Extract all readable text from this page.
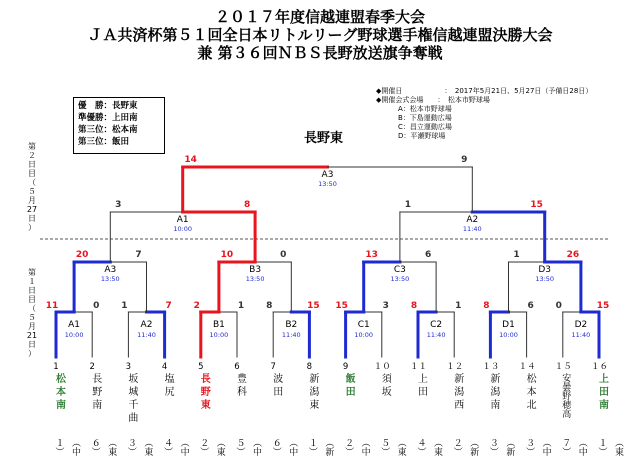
２０１７年度信越連盟春季大会
ＪＡ共済杯第５１回全日本リトルリーグ野球選手権信越連盟決勝大会
兼 第３６回ＮＢＳ長野放送旗争奪戦
優　勝：長野東
準優勝：上田南
第三位：松本南
第三位：飯田
◆開催日　　　　　　	：　2017年5月21日、5月27日（予備日28日）
◆開催会式会場　　 ：　松本市野球場
A：松本市野球場
B：下島運動広場
C：昌立運動広場
D：平瀬野球場
第
２
日
目
（
５
月
27
日
）
第
１
日
目
（
５
月
21
日
）
長野東
11	0
A1
10:00
1	7
A2
11:40
2	1
B1
10:00
8	15
B2
11:40
15	3
C1
10:00
8	1
C2
11:40
8	6
D1
10:00
0	15
D2
11:40
20	7
A3
13:50
10	0
B3
13:50
13	6
C3
13:50
1	26
D3
13:50
3	8
A1
10:00
1	15
A2
11:40
14	9
A3
13:50
1
松本南
（中１）
2
長野南
（東６）
3
坂城千曲
（東３）
4
塩尻
（中４）
5
長野東
（東２）
6
豊科
（中５）
7
波田
（中６）
8
新潟東
（新１）
9
飯田
（中２）
１０
須坂
（東５）
１１
上田
（東４）
１２
新潟西
（新２）
１３
新潟南
（新３）
１４
松本北
（中３）
１５
安曇野穂高
（中７）
１６
上田南
（東１）
